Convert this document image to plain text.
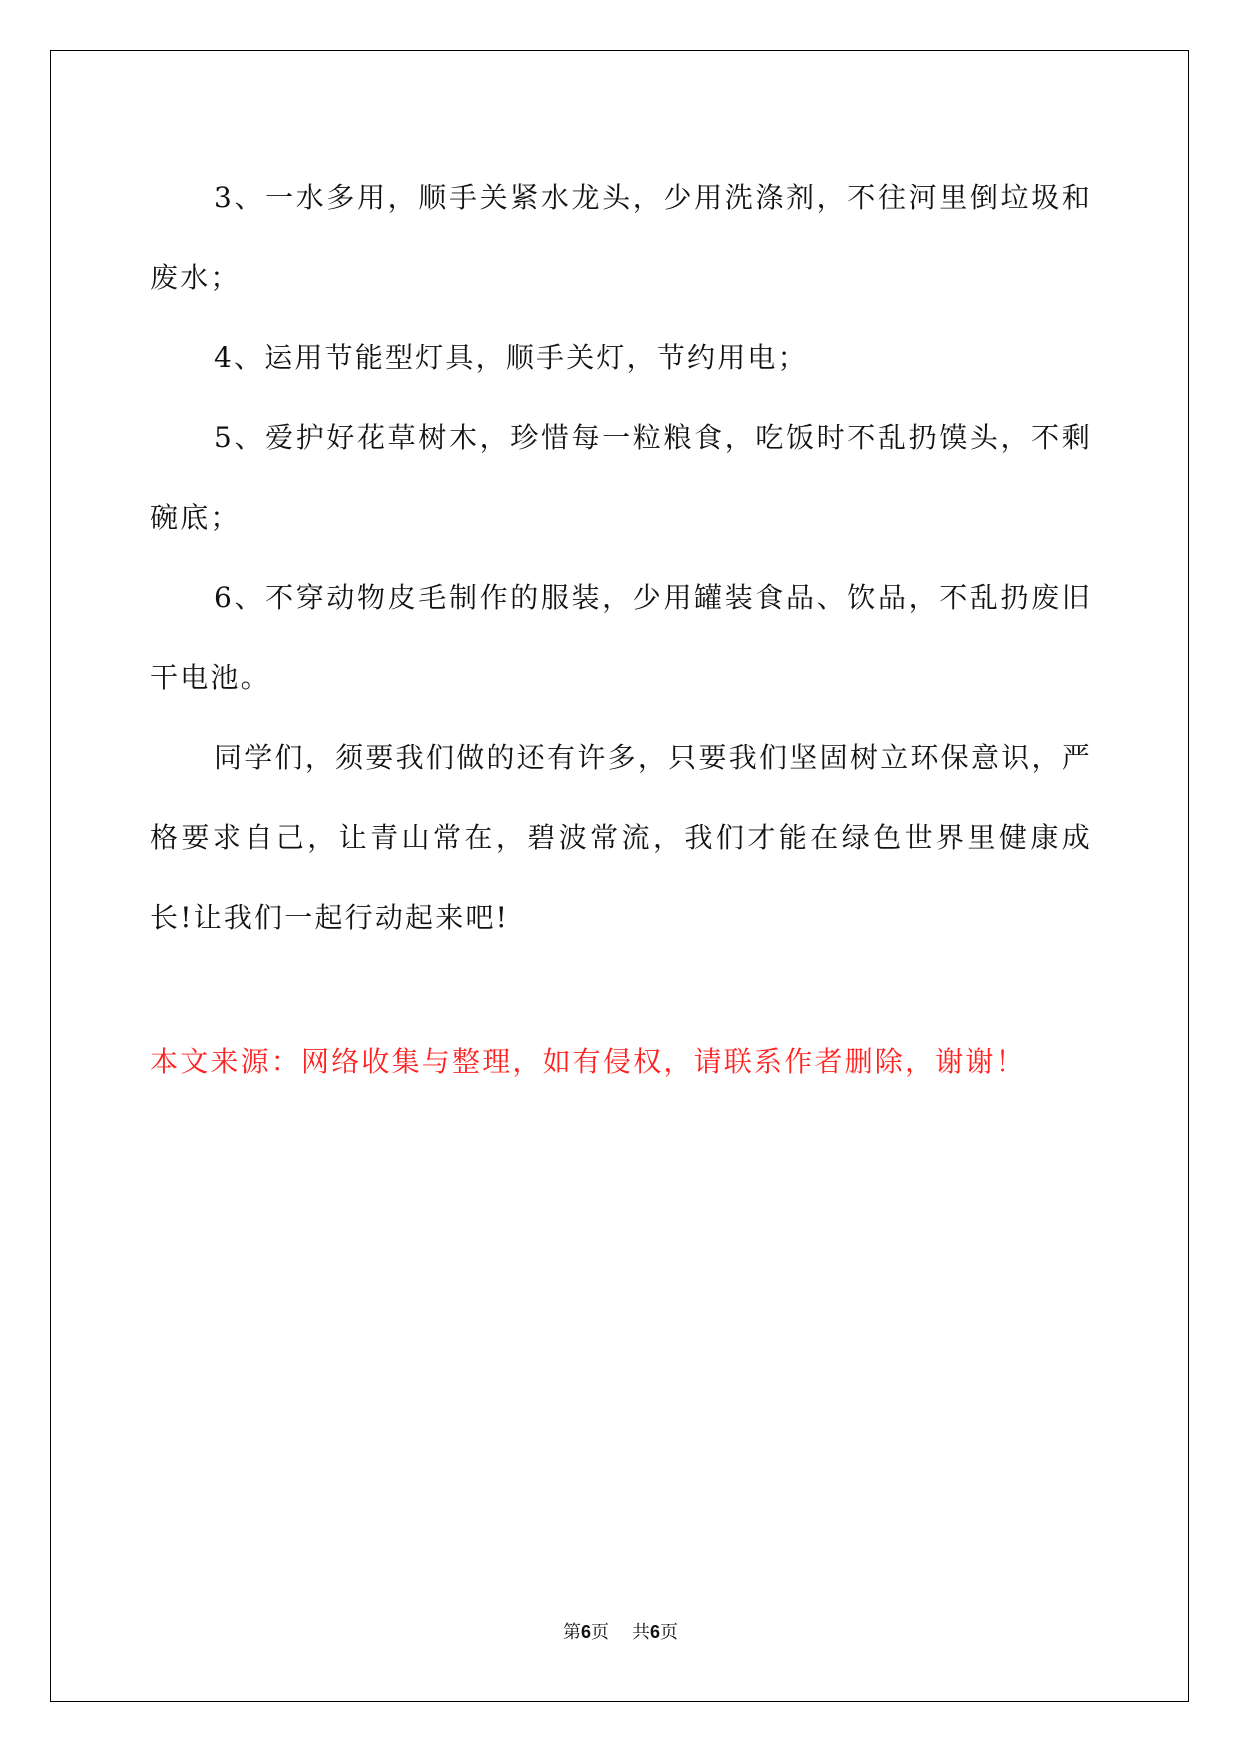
3、一水多用，顺手关紧水龙头，少用洗涤剂，不往河里倒垃圾和废水；

4、运用节能型灯具，顺手关灯，节约用电；

5、爱护好花草树木，珍惜每一粒粮食，吃饭时不乱扔馍头，不剩碗底；

6、不穿动物皮毛制作的服装，少用罐装食品、饮品，不乱扔废旧干电池。

同学们，须要我们做的还有许多，只要我们坚固树立环保意识，严格要求自己，让青山常在，碧波常流，我们才能在绿色世界里健康成长!让我们一起行动起来吧!

本文来源：网络收集与整理，如有侵权，请联系作者删除，谢谢！
第6页 共6页
